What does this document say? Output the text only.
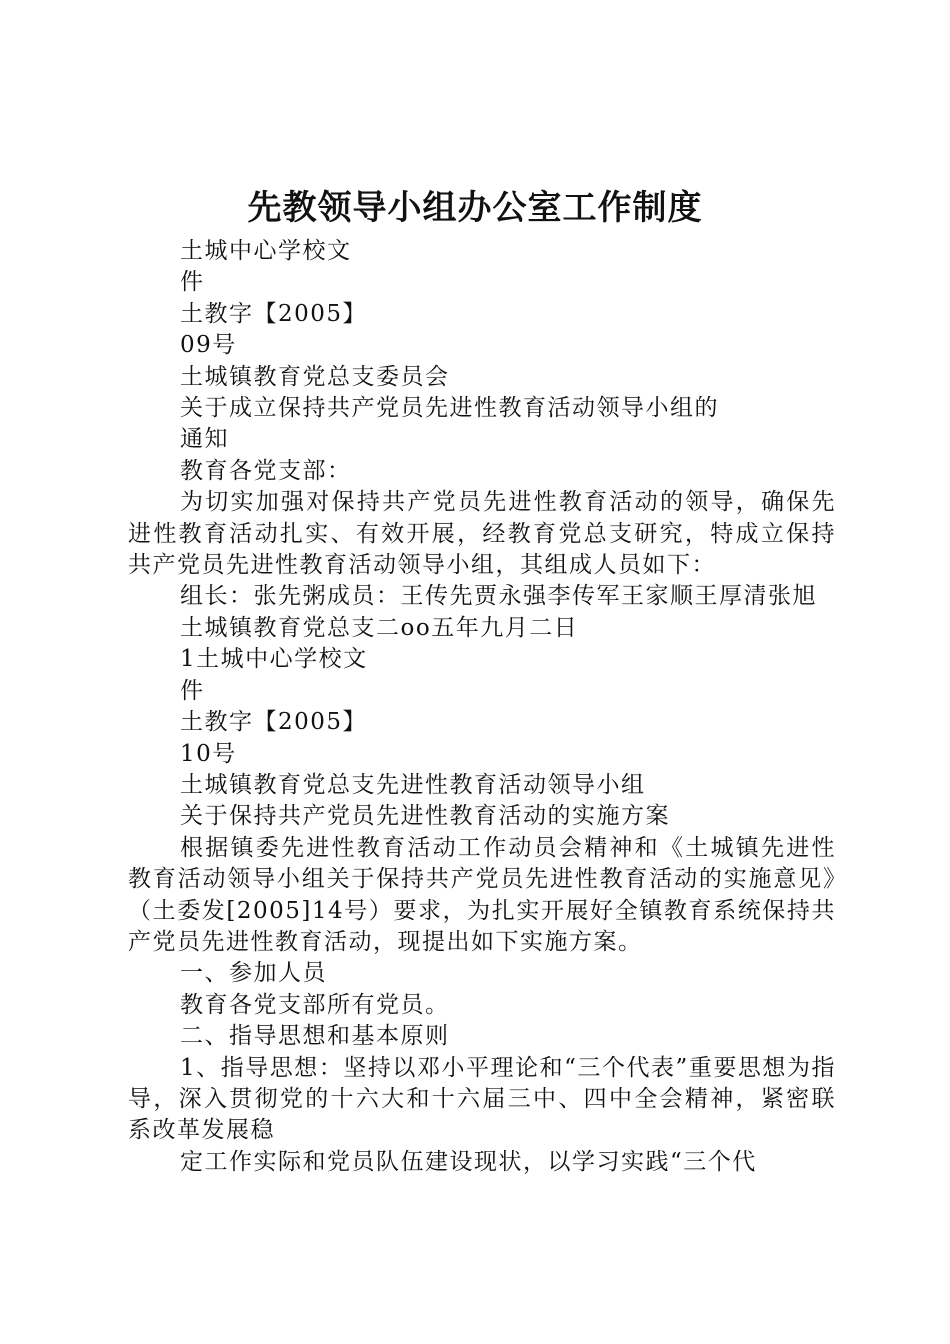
先教领导小组办公室工作制度

土城中心学校文

件

土教字【2005】

09号

土城镇教育党总支委员会

关于成立保持共产党员先进性教育活动领导小组的

通知

教育各党支部：

为切实加强对保持共产党员先进性教育活动的领导，确保先进性教育活动扎实、有效开展，经教育党总支研究，特成立保持共产党员先进性教育活动领导小组，其组成人员如下：

组长：张先粥成员：王传先贾永强李传军王家顺王厚清张旭

土城镇教育党总支二oo五年九月二日

1土城中心学校文

件

土教字【2005】

10号

土城镇教育党总支先进性教育活动领导小组

关于保持共产党员先进性教育活动的实施方案

根据镇委先进性教育活动工作动员会精神和《土城镇先进性教育活动领导小组关于保持共产党员先进性教育活动的实施意见》（土委发[2005]14号）要求，为扎实开展好全镇教育系统保持共产党员先进性教育活动，现提出如下实施方案。

一、参加人员

教育各党支部所有党员。

二、指导思想和基本原则

1、指导思想：坚持以邓小平理论和“三个代表”重要思想为指导，深入贯彻党的十六大和十六届三中、四中全会精神，紧密联系改革发展稳

定工作实际和党员队伍建设现状，以学习实践“三个代
